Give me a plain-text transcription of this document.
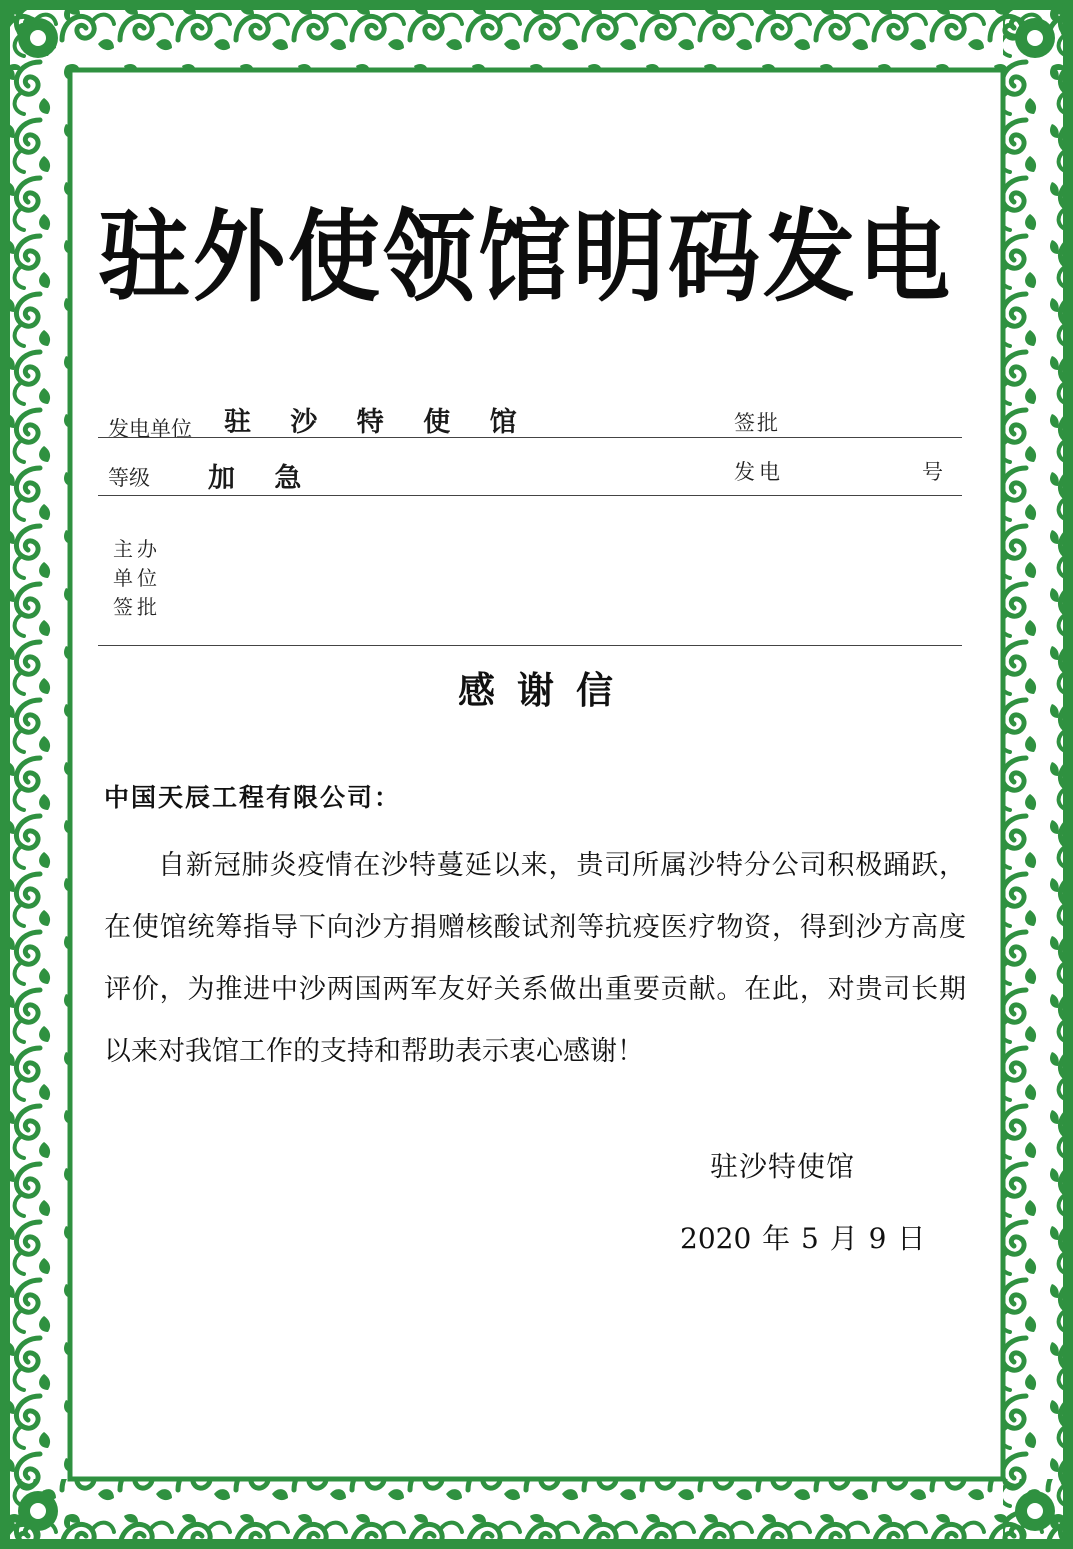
驻外使领馆明码发电
发电单位 驻 沙 特 使 馆	签批
等级 加 急	发电	号
主办
单位
签批
感谢信
中国天辰工程有限公司：

自新冠肺炎疫情在沙特蔓延以来，贵司所属沙特分公司积极踊跃，在使馆统筹指导下向沙方捐赠核酸试剂等抗疫医疗物资，得到沙方高度评价，为推进中沙两国两军友好关系做出重要贡献。在此，对贵司长期以来对我馆工作的支持和帮助表示衷心感谢！

驻沙特使馆
2020 年 5 月 9 日
